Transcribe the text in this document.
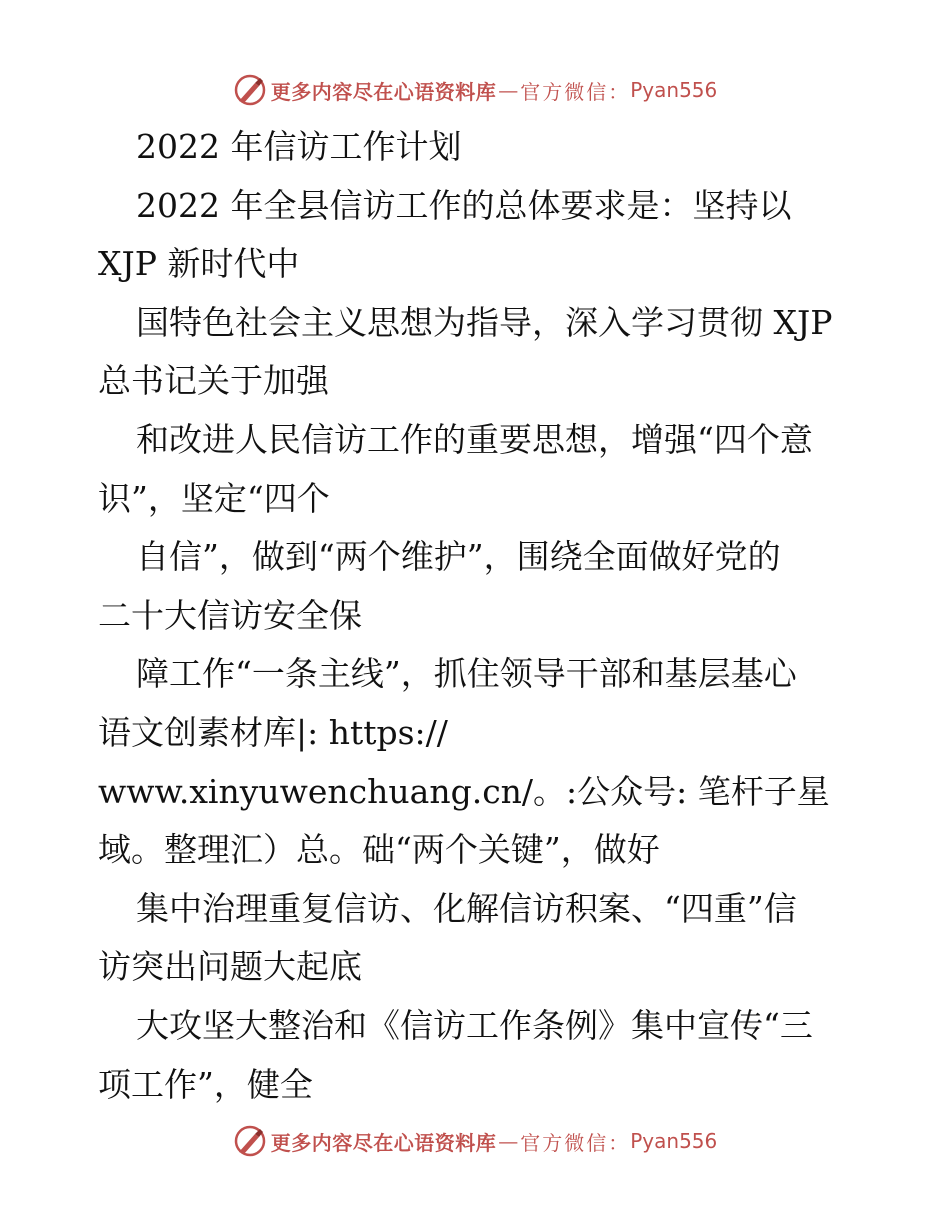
更多内容尽在心语资料库 — 官方微信： Pyan556
2022 年信访工作计划
2022 年全县信访工作的总体要求是：坚持以
XJP 新时代中
国特色社会主义思想为指导，深入学习贯彻 XJP
总书记关于加强
和改进人民信访工作的重要思想，增强“四个意
识”，坚定“四个
自信”，做到“两个维护”，围绕全面做好党的
二十大信访安全保
障工作“一条主线”，抓住领导干部和基层基心
语文创素材库|: https://
www.xinyuwenchuang.cn/。:公众号: 笔杆子星
域。整理汇）总。础“两个关键”，做好
集中治理重复信访、化解信访积案、“四重”信
访突出问题大起底
大攻坚大整治和《信访工作条例》集中宣传“三
项工作”，健全
更多内容尽在心语资料库 — 官方微信： Pyan556
